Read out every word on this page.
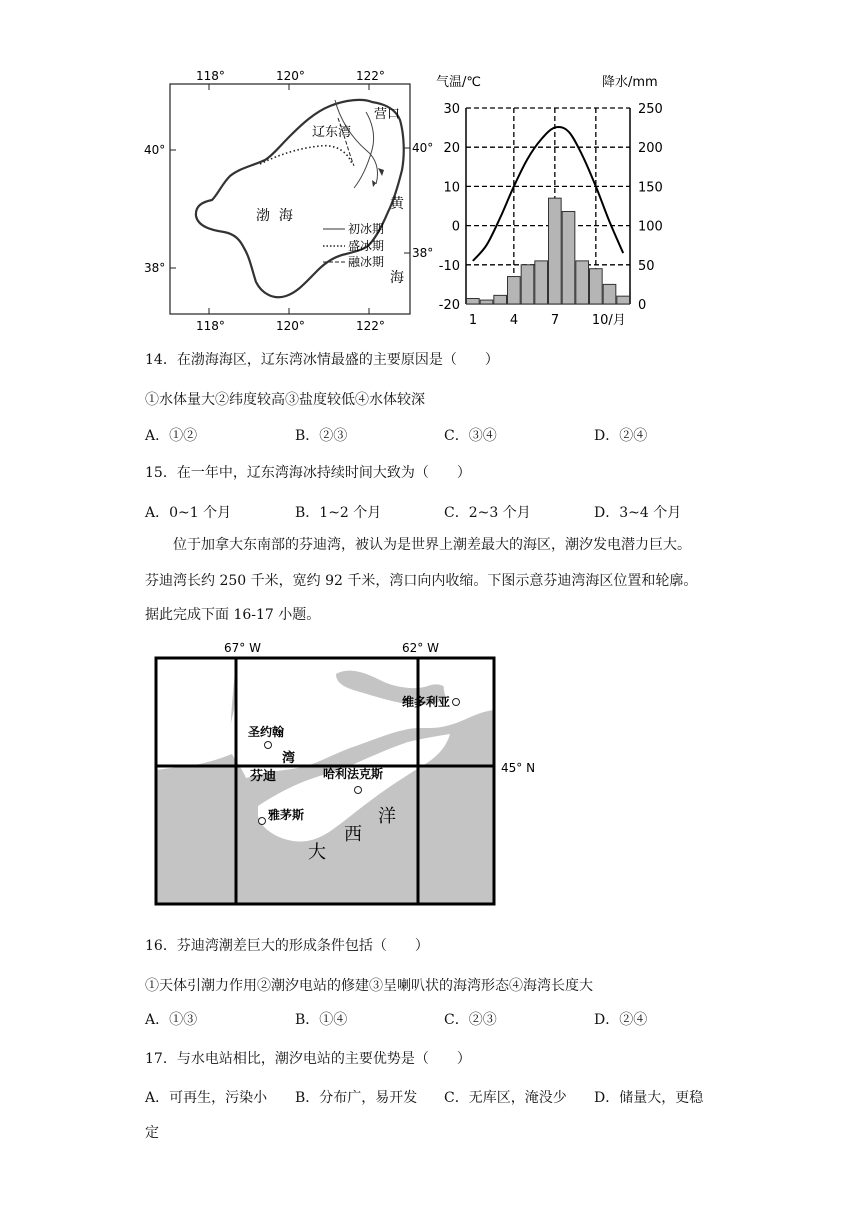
营口
辽东湾
渤  海
黄
海
初冰期
盛冰期
融冰期
118°	120°	122°
118°	120°	122°
40°
38°
40°
38°
气温/℃	降水/mm
30
20
10
0
-10
-20
250
200
150
100
50
0
1	4	7	10/月
14．在渤海海区，辽东湾冰情最盛的主要原因是（　　）
①水体量大②纬度较高③盐度较低④水体较深
A．①②	B．②③	C．③④	D．②④
15．在一年中，辽东湾海冰持续时间大致为（　　）
A．0~1 个月	B．1~2 个月	C．2~3 个月	D．3~4 个月
位于加拿大东南部的芬迪湾，被认为是世界上潮差最大的海区，潮汐发电潜力巨大。
芬迪湾长约 250 千米，宽约 92 千米，湾口向内收缩。下图示意芬迪湾海区位置和轮廓。
据此完成下面 16-17 小题。
67° W	62° W
45° N
维多利亚
圣约翰
湾
芬迪	哈利法克斯
雅茅斯	洋
西
大
16．芬迪湾潮差巨大的形成条件包括（　　）
①天体引潮力作用②潮汐电站的修建③呈喇叭状的海湾形态④海湾长度大
A．①③	B．①④	C．②③	D．②④
17．与水电站相比，潮汐电站的主要优势是（　　）
A．可再生，污染小 B．分布广，易开发 C．无库区，淹没少 D．储量大，更稳
定
